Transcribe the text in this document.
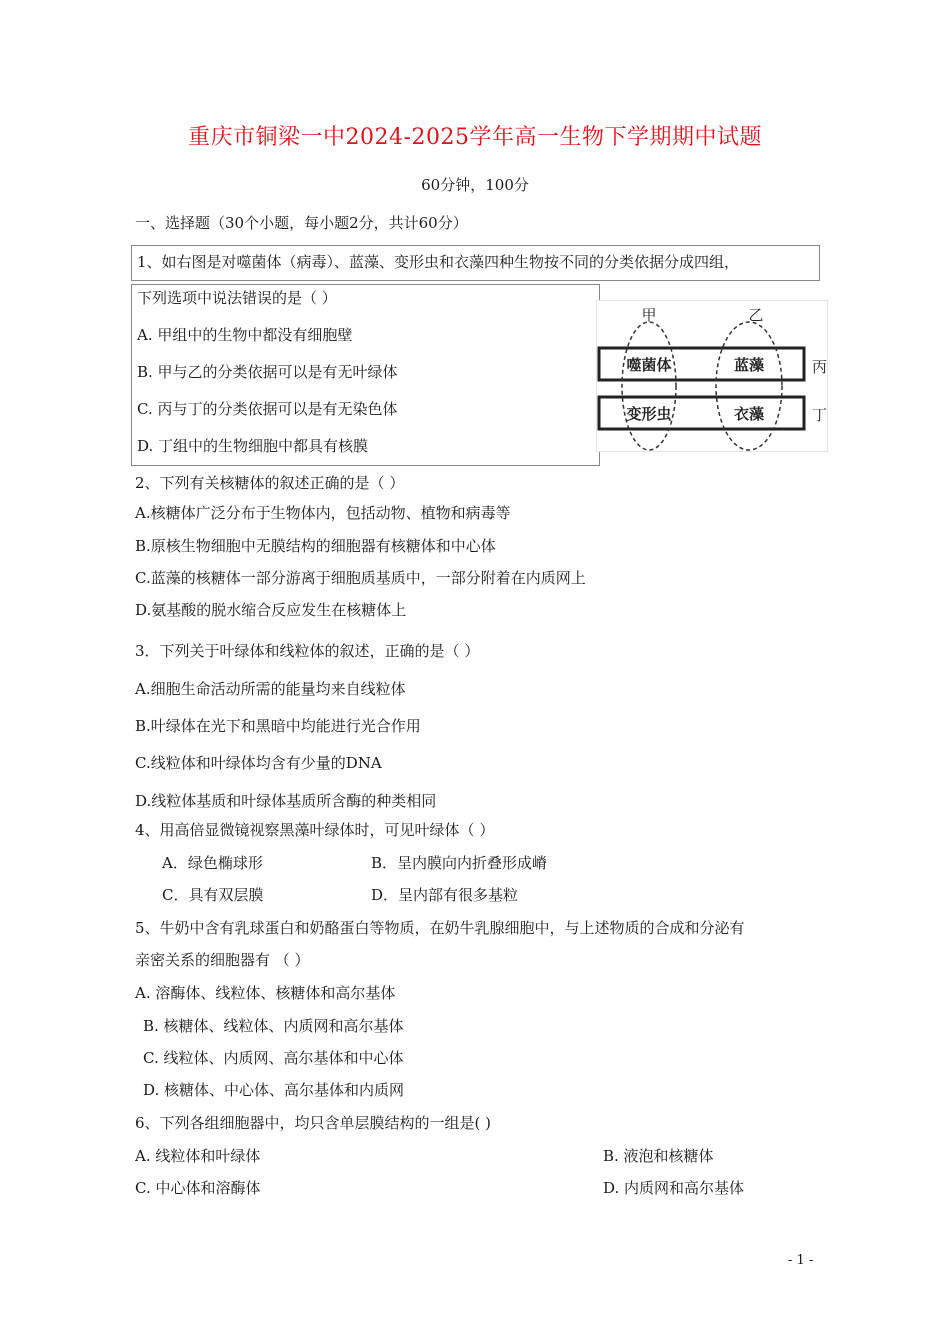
重庆市铜梁一中2024-2025学年高一生物下学期期中试题
60分钟，100分
一、选择题（30个小题，每小题2分，共计60分）
1、如右图是对噬菌体（病毒）、蓝藻、变形虫和衣藻四种生物按不同的分类依据分成四组，
下列选项中说法错误的是（ ）
A. 甲组中的生物中都没有细胞壁
B. 甲与乙的分类依据可以是有无叶绿体
C. 丙与丁的分类依据可以是有无染色体
D. 丁组中的生物细胞中都具有核膜
甲	乙
噬菌体	蓝藻
变形虫	衣藻
丙
丁
2、下列有关核糖体的叙述正确的是（ ）
A.核糖体广泛分布于生物体内，包括动物、植物和病毒等
B.原核生物细胞中无膜结构的细胞器有核糖体和中心体
C.蓝藻的核糖体一部分游离于细胞质基质中，一部分附着在内质网上
D.氨基酸的脱水缩合反应发生在核糖体上
3．下列关于叶绿体和线粒体的叙述，正确的是（ ）
A.细胞生命活动所需的能量均来自线粒体
B.叶绿体在光下和黑暗中均能进行光合作用
C.线粒体和叶绿体均含有少量的DNA
D.线粒体基质和叶绿体基质所含酶的种类相同
4、用高倍显微镜视察黑藻叶绿体时，可见叶绿体（ ）
A．绿色椭球形	B．呈内膜向内折叠形成嵴
C．具有双层膜	D．呈内部有很多基粒
5、牛奶中含有乳球蛋白和奶酪蛋白等物质，在奶牛乳腺细胞中，与上述物质的合成和分泌有
亲密关系的细胞器有 （ ）
A. 溶酶体、线粒体、核糖体和高尔基体
B. 核糖体、线粒体、内质网和高尔基体
C. 线粒体、内质网、高尔基体和中心体
D. 核糖体、中心体、高尔基体和内质网
6、下列各组细胞器中，均只含单层膜结构的一组是( )
A. 线粒体和叶绿体	B. 液泡和核糖体
C. 中心体和溶酶体	D. 内质网和高尔基体
- 1 -
